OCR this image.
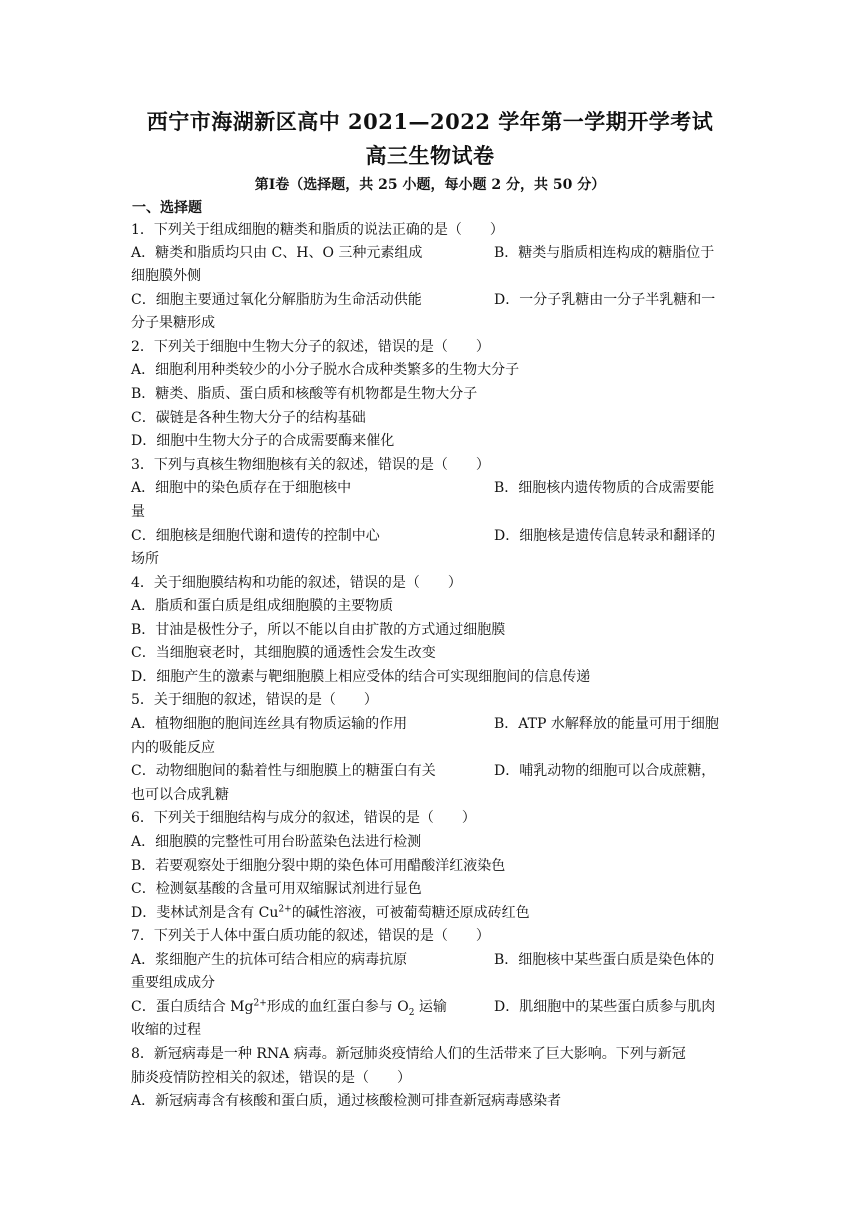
西宁市海湖新区高中 2021—2022 学年第一学期开学考试
高三生物试卷
第Ⅰ卷（选择题，共 25 小题，每小题 2 分，共 50 分）
一、选择题
1．下列关于组成细胞的糖类和脂质的说法正确的是（　　）
A．糖类和脂质均只由 C、H、O 三种元素组成	B．糖类与脂质相连构成的糖脂位于
细胞膜外侧
C．细胞主要通过氧化分解脂肪为生命活动供能	D．一分子乳糖由一分子半乳糖和一
分子果糖形成
2．下列关于细胞中生物大分子的叙述，错误的是（　　）
A．细胞利用种类较少的小分子脱水合成种类繁多的生物大分子
B．糖类、脂质、蛋白质和核酸等有机物都是生物大分子
C．碳链是各种生物大分子的结构基础
D．细胞中生物大分子的合成需要酶来催化
3．下列与真核生物细胞核有关的叙述，错误的是（　　）
A．细胞中的染色质存在于细胞核中	B．细胞核内遗传物质的合成需要能
量
C．细胞核是细胞代谢和遗传的控制中心	D．细胞核是遗传信息转录和翻译的
场所
4．关于细胞膜结构和功能的叙述，错误的是（　　）
A．脂质和蛋白质是组成细胞膜的主要物质
B．甘油是极性分子，所以不能以自由扩散的方式通过细胞膜
C．当细胞衰老时，其细胞膜的通透性会发生改变
D．细胞产生的激素与靶细胞膜上相应受体的结合可实现细胞间的信息传递
5．关于细胞的叙述，错误的是（　　）
A．植物细胞的胞间连丝具有物质运输的作用	B．ATP 水解释放的能量可用于细胞
内的吸能反应
C．动物细胞间的黏着性与细胞膜上的糖蛋白有关	D．哺乳动物的细胞可以合成蔗糖，
也可以合成乳糖
6．下列关于细胞结构与成分的叙述，错误的是（　　）
A．细胞膜的完整性可用台盼蓝染色法进行检测
B．若要观察处于细胞分裂中期的染色体可用醋酸洋红液染色
C．检测氨基酸的含量可用双缩脲试剂进行显色
D．斐林试剂是含有 $Cu^{2+}$的碱性溶液，可被葡萄糖还原成砖红色
7．下列关于人体中蛋白质功能的叙述，错误的是（　　）
A．浆细胞产生的抗体可结合相应的病毒抗原	B．细胞核中某些蛋白质是染色体的
重要组成成分
C．蛋白质结合 $Mg^{2+}$形成的血红蛋白参与 $O_2$ 运输	D．肌细胞中的某些蛋白质参与肌肉
收缩的过程
8．新冠病毒是一种 RNA 病毒。新冠肺炎疫情给人们的生活带来了巨大影响。下列与新冠
肺炎疫情防控相关的叙述，错误的是（　　）
A．新冠病毒含有核酸和蛋白质，通过核酸检测可排查新冠病毒感染者
